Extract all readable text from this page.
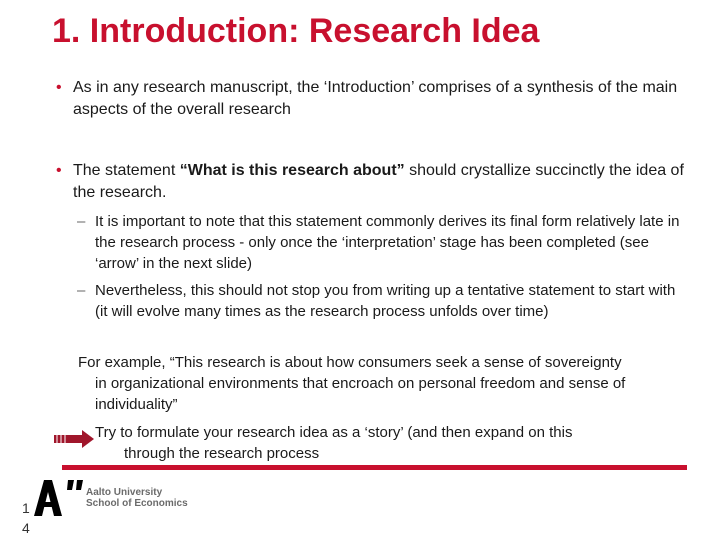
1. Introduction: Research Idea
• As in any research manuscript, the ‘Introduction’ comprises of a synthesis of the main aspects of the overall research
• The statement “What is this research about” should crystallize succinctly the idea of the research.
– It is important to note that this statement commonly derives its final form relatively late in the research process - only once the ‘interpretation’ stage has been completed (see ‘arrow’ in the next slide)
– Nevertheless, this should not stop you from writing up a tentative statement to start with (it will evolve many times as the research process unfolds over time)
For example, “This research is about how consumers seek a sense of sovereignty
in organizational environments that encroach on personal freedom and sense of individuality”
Try to formulate your research idea as a ‘story’ (and then expand on this
through the research process
Aalto University
School of Economics
1
4
